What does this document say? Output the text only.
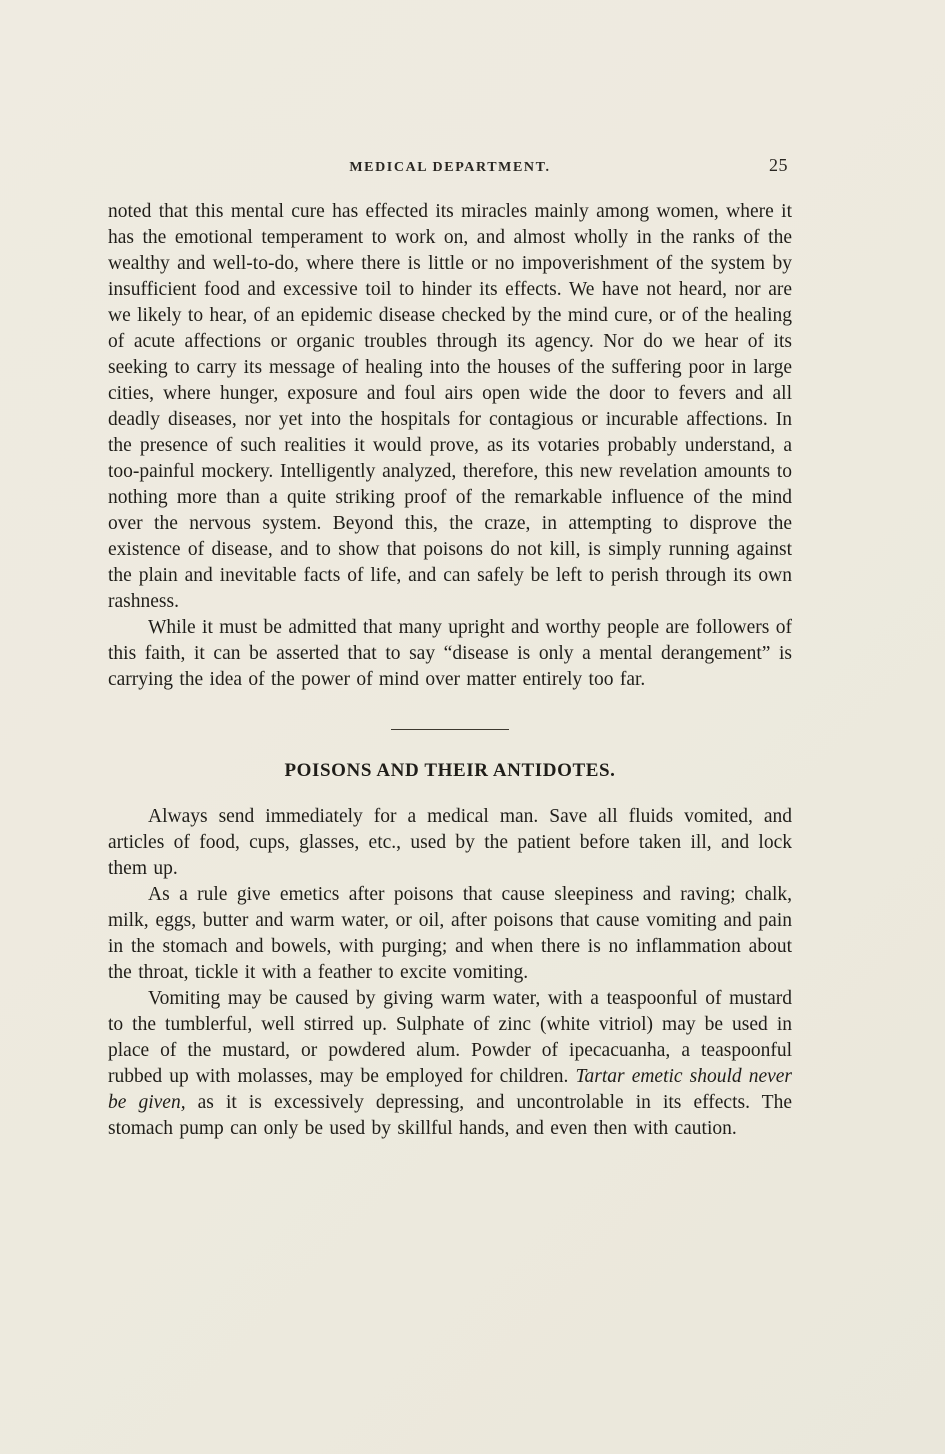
MEDICAL DEPARTMENT.	25

noted that this mental cure has effected its miracles mainly among women, where it has the emotional temperament to work on, and almost wholly in the ranks of the wealthy and well-to-do, where there is little or no impoverishment of the system by insufficient food and excessive toil to hinder its effects. We have not heard, nor are we likely to hear, of an epidemic disease checked by the mind cure, or of the healing of acute affections or organic troubles through its agency. Nor do we hear of its seeking to carry its message of healing into the houses of the suffering poor in large cities, where hunger, exposure and foul airs open wide the door to fevers and all deadly diseases, nor yet into the hospitals for contagious or incurable affections. In the presence of such realities it would prove, as its votaries probably understand, a too-painful mockery. Intelligently analyzed, therefore, this new revelation amounts to nothing more than a quite striking proof of the remarkable influence of the mind over the nervous system. Beyond this, the craze, in attempting to disprove the existence of disease, and to show that poisons do not kill, is simply running against the plain and inevitable facts of life, and can safely be left to perish through its own rashness.

While it must be admitted that many upright and worthy people are followers of this faith, it can be asserted that to say “disease is only a mental derangement” is carrying the idea of the power of mind over matter entirely too far.

POISONS AND THEIR ANTIDOTES.

Always send immediately for a medical man. Save all fluids vomited, and articles of food, cups, glasses, etc., used by the patient before taken ill, and lock them up.

As a rule give emetics after poisons that cause sleepiness and raving; chalk, milk, eggs, butter and warm water, or oil, after poisons that cause vomiting and pain in the stomach and bowels, with purging; and when there is no inflammation about the throat, tickle it with a feather to excite vomiting.

Vomiting may be caused by giving warm water, with a teaspoonful of mustard to the tumblerful, well stirred up. Sulphate of zinc (white vitriol) may be used in place of the mustard, or powdered alum. Powder of ipecacuanha, a teaspoonful rubbed up with molasses, may be employed for children. Tartar emetic should never be given, as it is excessively depressing, and uncontrolable in its effects. The stomach pump can only be used by skillful hands, and even then with caution.
